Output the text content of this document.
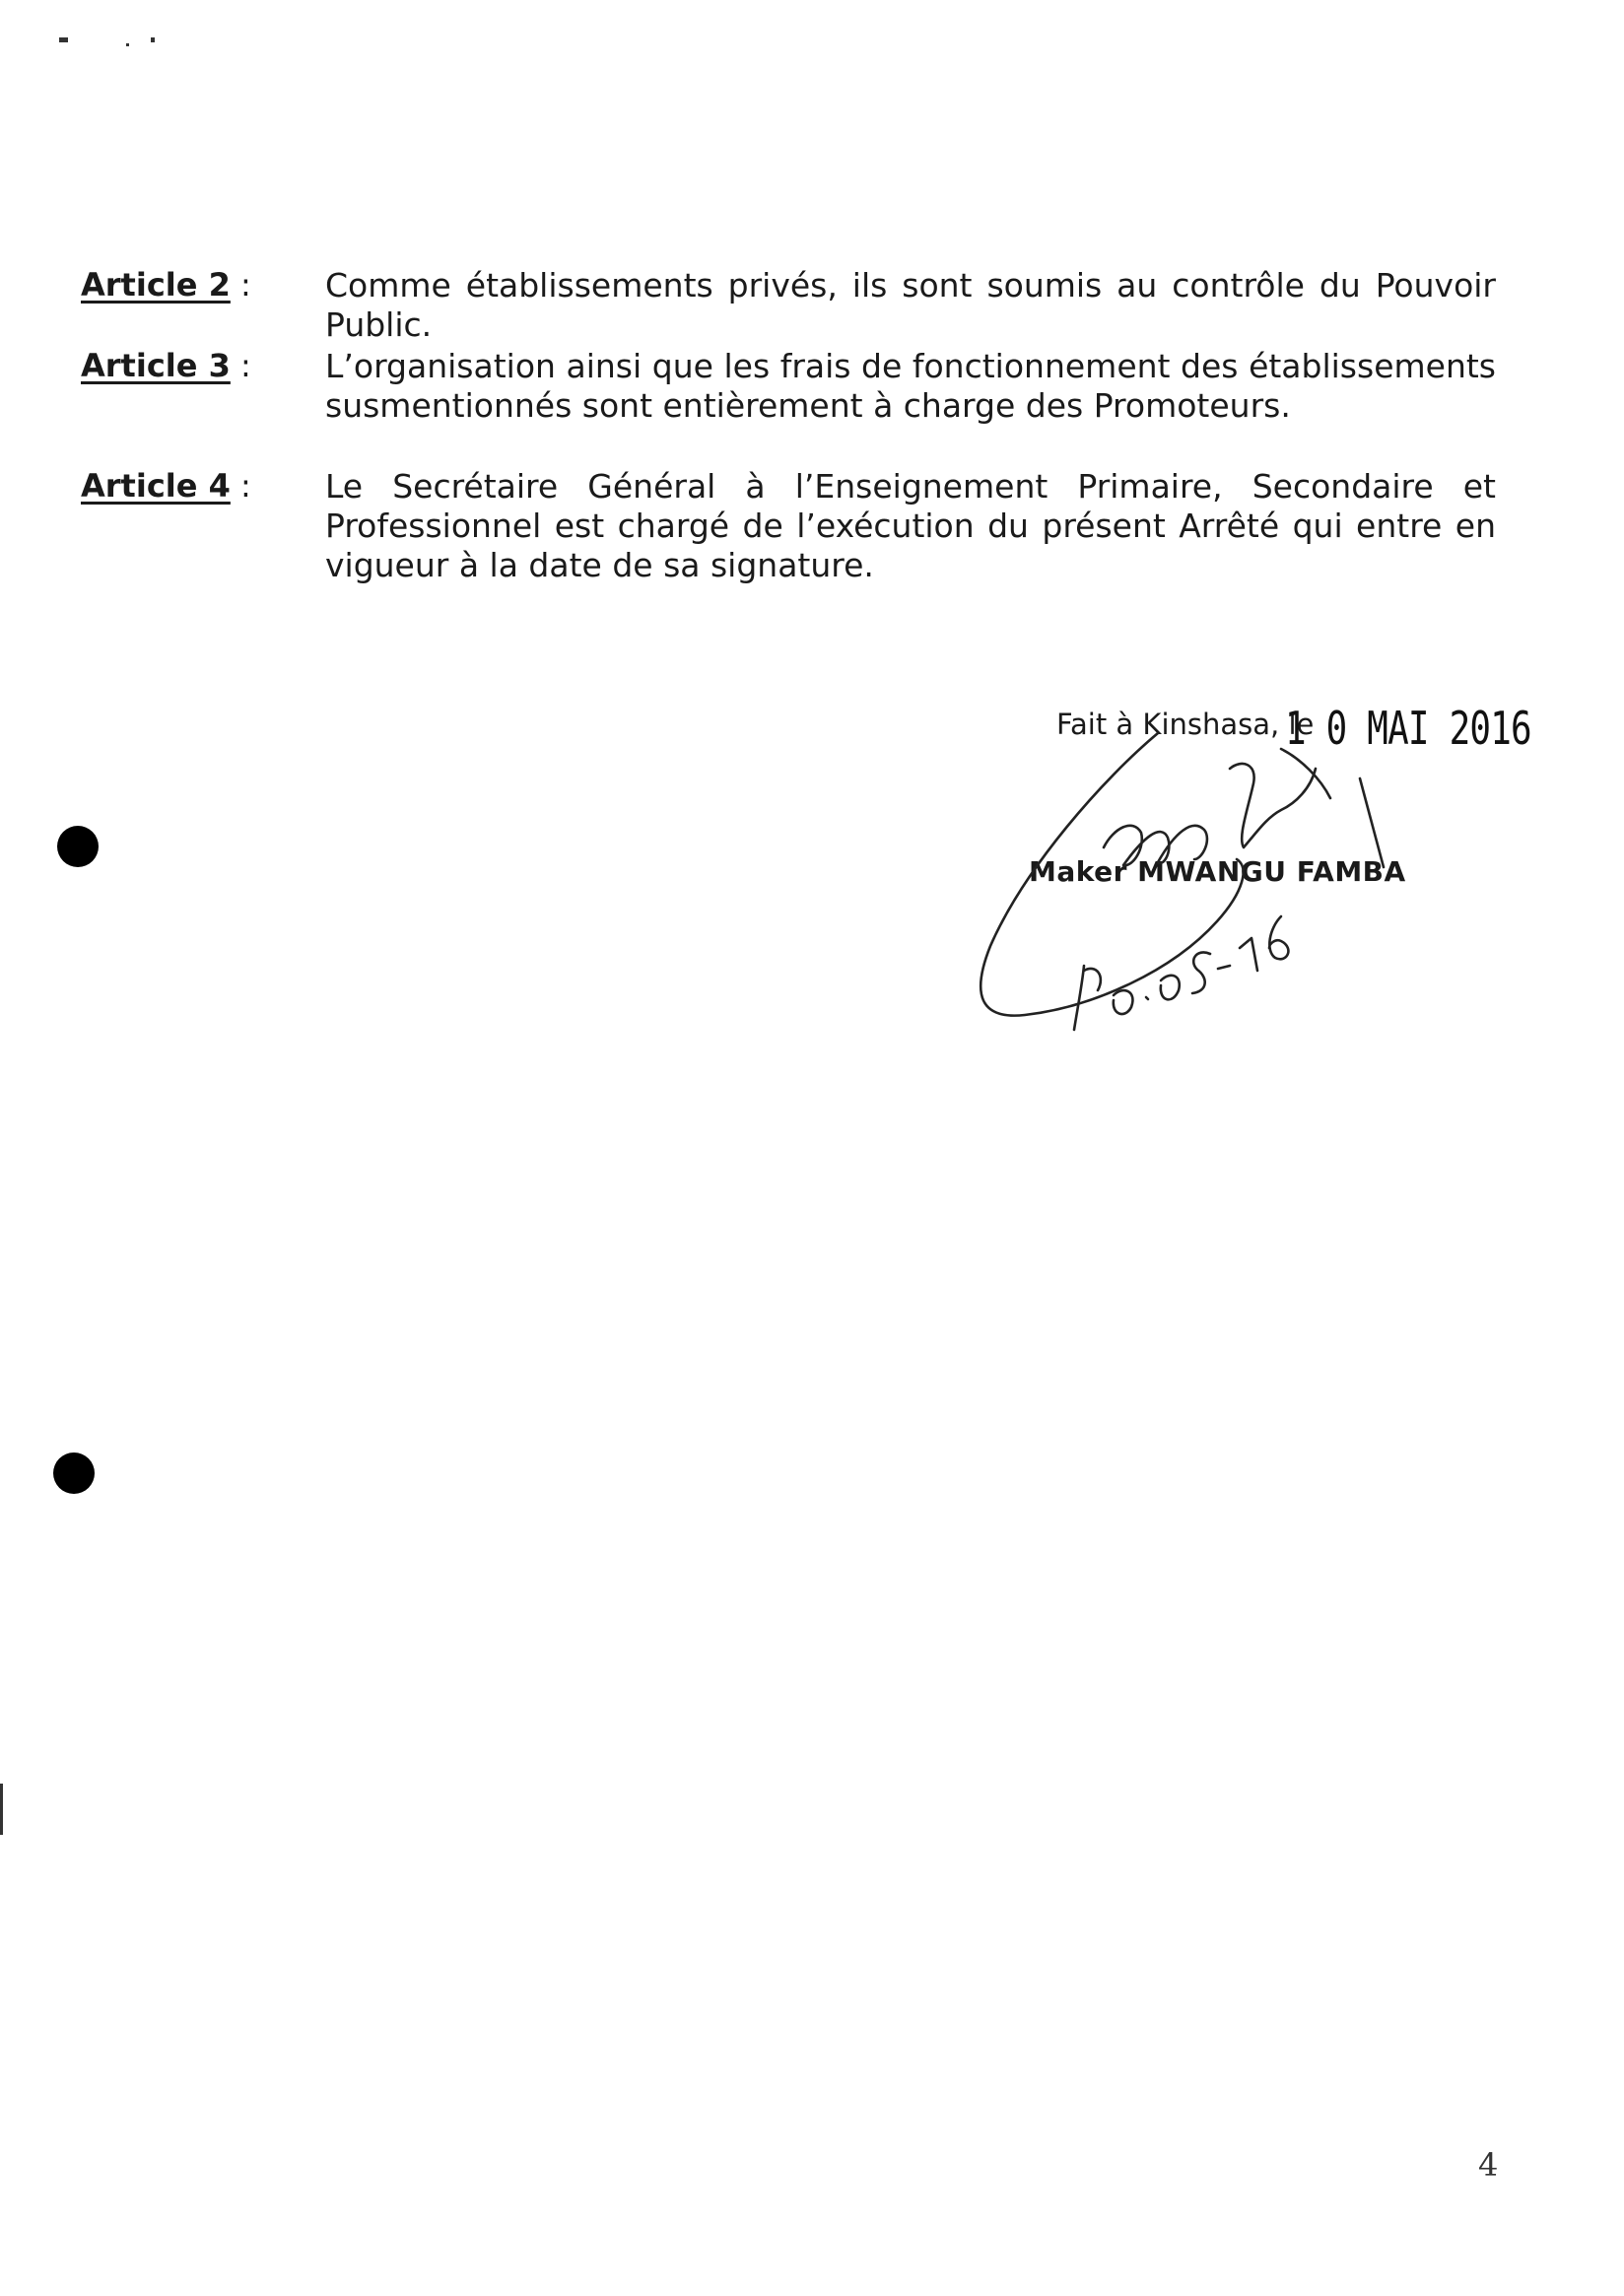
Article 2 : Comme établissements privés, ils sont soumis au contrôle du Pouvoir Public.
Article 3 : L’organisation ainsi que les frais de fonctionnement des établissements susmentionnés sont entièrement à charge des Promoteurs.
Article 4 : Le Secrétaire Général à l’Enseignement Primaire, Secondaire et Professionnel est chargé de l’exécution du présent Arrêté qui entre en vigueur à la date de sa signature.
Fait à Kinshasa, le
1 0 MAI 2016
Maker MWANGU FAMBA
4
